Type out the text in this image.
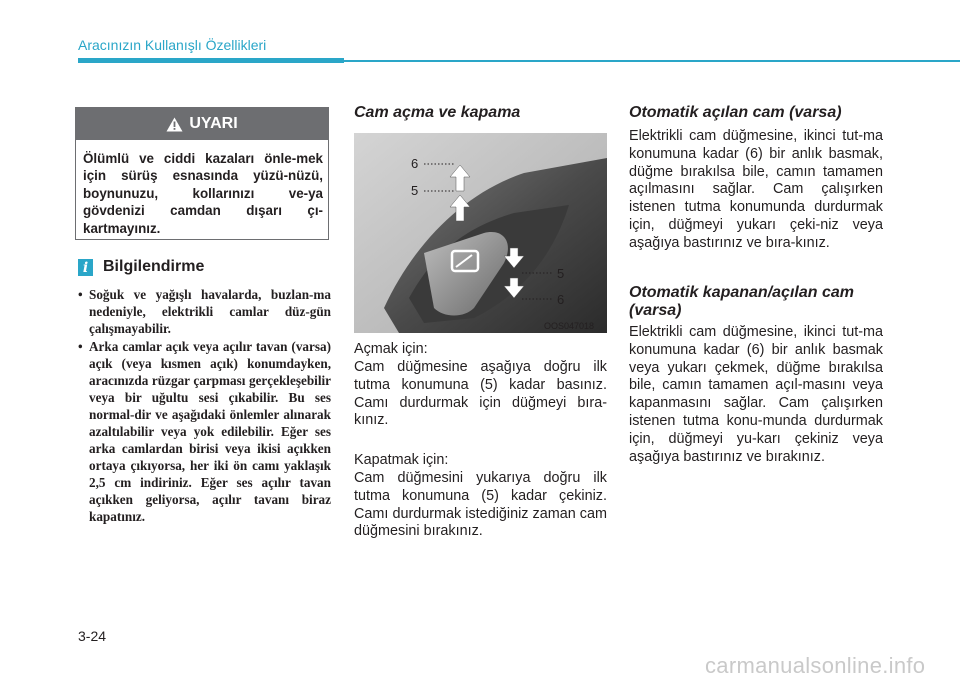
Aracınızın Kullanışlı Özellikleri
UYARI
Ölümlü ve ciddi kazaları önle-mek için sürüş esnasında yüzü-nüzü, boynunuzu, kollarınızı ve-ya gövdenizi camdan dışarı çı-kartmayınız.
i Bilgilendirme
• Soğuk ve yağışlı havalarda, buzlan-ma nedeniyle, elektrikli camlar düz-gün çalışmayabilir.
• Arka camlar açık veya açılır tavan (varsa) açık (veya kısmen açık) konumdayken, aracınızda rüzgar çarpması gerçekleşebilir veya bir uğultu sesi çıkabilir. Bu ses normal-dir ve aşağıdaki önlemler alınarak azaltılabilir veya yok edilebilir. Eğer ses arka camlardan birisi veya ikisi açıkken ortaya çıkıyorsa, her iki ön camı yaklaşık 2,5 cm indiriniz. Eğer ses açılır tavan açıkken geliyorsa, açılır tavanı biraz kapatınız.
Cam açma ve kapama
6
5
5
6
OOS047018
Açmak için:
Cam düğmesine aşağıya doğru ilk tutma konumuna (5) kadar basınız. Camı durdurmak için düğmeyi bıra-kınız.
Kapatmak için:
Cam düğmesini yukarıya doğru ilk tutma konumuna (5) kadar çekiniz. Camı durdurmak istediğiniz zaman cam düğmesini bırakınız.
Otomatik açılan cam (varsa)
Elektrikli cam düğmesine, ikinci tut-ma konumuna kadar (6) bir anlık basmak, düğme bırakılsa bile, camın tamamen açılmasını sağlar. Cam çalışırken istenen tutma konumunda durdurmak için, düğmeyi yukarı çeki-niz veya aşağıya bastırınız ve bıra-kınız.
Otomatik kapanan/açılan cam (varsa)
Elektrikli cam düğmesine, ikinci tut-ma konumuna kadar (6) bir anlık basmak veya yukarı çekmek, düğme bırakılsa bile, camın tamamen açıl-masını veya kapanmasını sağlar. Cam çalışırken istenen tutma konu-munda durdurmak için, düğmeyi yu-karı çekiniz veya aşağıya bastırınız ve bırakınız.
3-24
carmanualsonline.info
